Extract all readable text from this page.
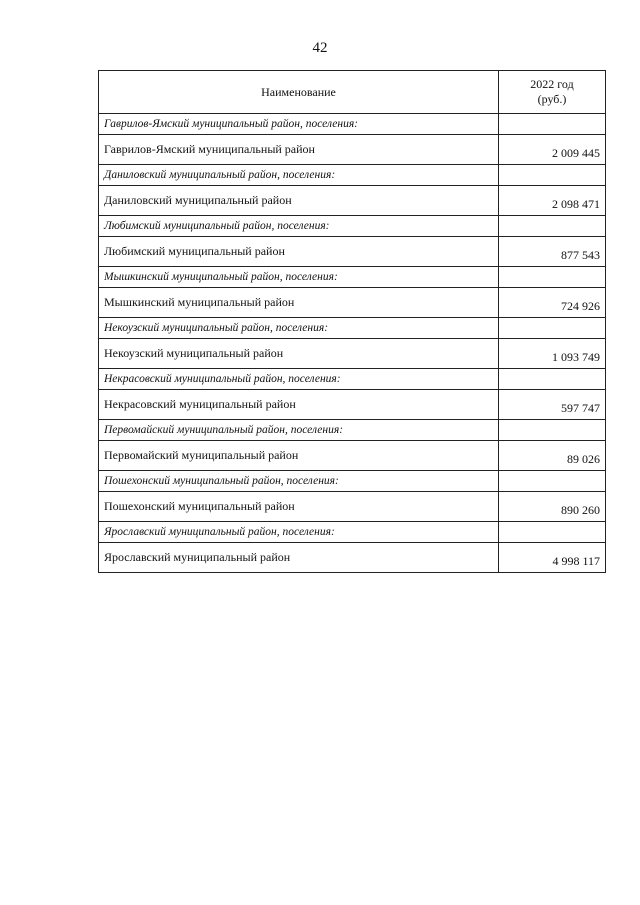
42
Наименование	2022 год
(руб.)

Гаврилов-Ямский муниципальный район, поселения:	
Гаврилов-Ямский муниципальный район	2 009 445
Даниловский муниципальный район, поселения:	
Даниловский муниципальный район	2 098 471
Любимский муниципальный район, поселения:	
Любимский муниципальный район	877 543
Мышкинский муниципальный район, поселения:	
Мышкинский муниципальный район	724 926
Некоузский муниципальный район, поселения:	
Некоузский муниципальный район	1 093 749
Некрасовский муниципальный район, поселения:	
Некрасовский муниципальный район	597 747
Первомайский муниципальный район, поселения:	
Первомайский муниципальный район	89 026
Пошехонский муниципальный район, поселения:	
Пошехонский муниципальный район	890 260
Ярославский муниципальный район, поселения:	
Ярославский муниципальный район	4 998 117
